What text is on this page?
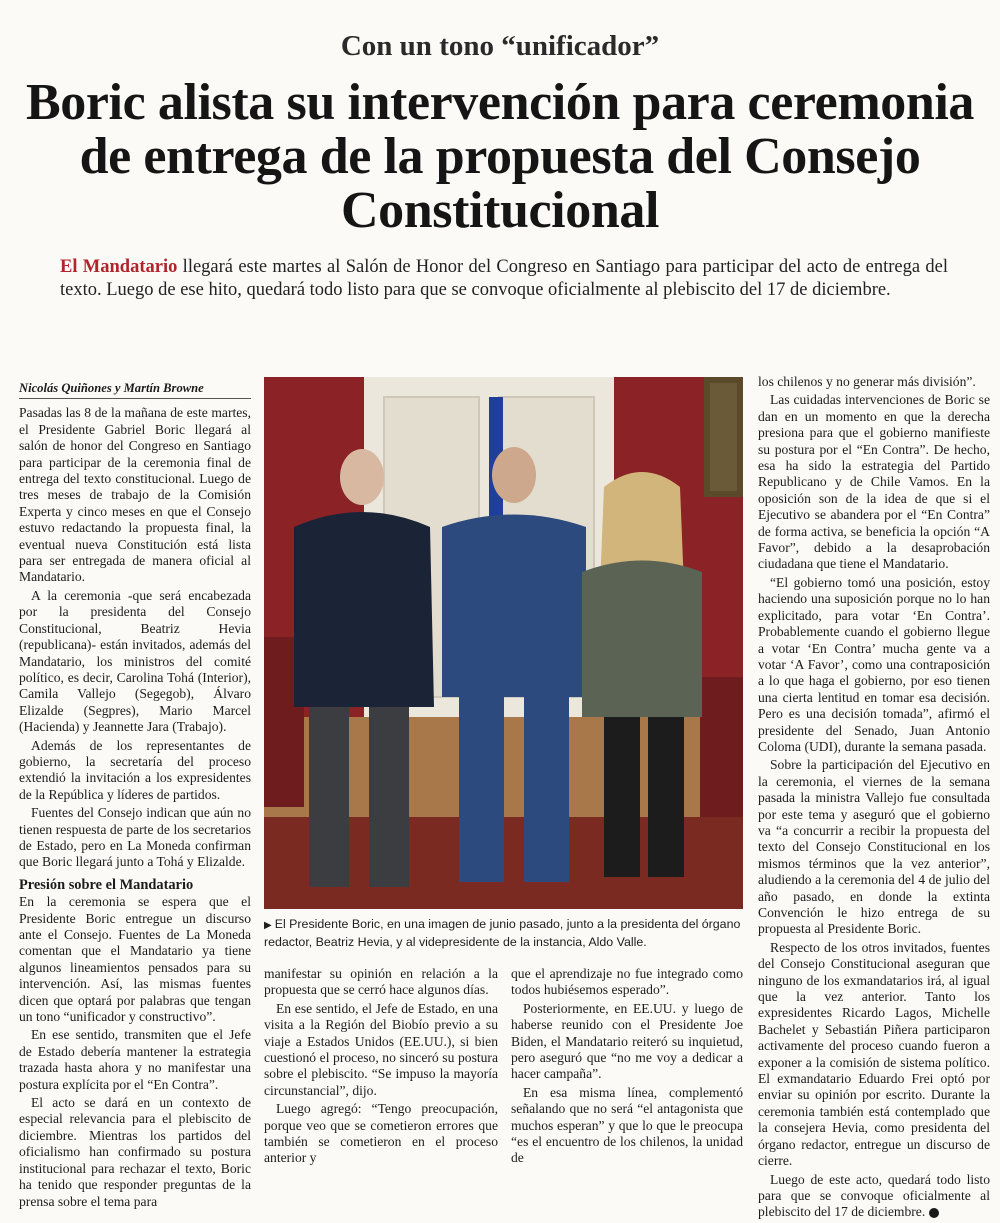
Con un tono “unificador”
Boric alista su intervención para ceremonia de entrega de la propuesta del Consejo Constitucional

El Mandatario llegará este martes al Salón de Honor del Congreso en Santiago para participar del acto de entrega del texto. Luego de ese hito, quedará todo listo para que se convoque oficialmente al plebiscito del 17 de diciembre.

Nicolás Quiñones y Martín Browne

Pasadas las 8 de la mañana de este martes, el Presidente Gabriel Boric llegará al salón de honor del Congreso en Santiago para participar de la ceremonia final de entrega del texto constitucional. Luego de tres meses de trabajo de la Comisión Experta y cinco meses en que el Consejo estuvo redactando la propuesta final, la eventual nueva Constitución está lista para ser entregada de manera oficial al Mandatario.

A la ceremonia -que será encabezada por la presidenta del Consejo Constitucional, Beatriz Hevia (republicana)- están invitados, además del Mandatario, los ministros del comité político, es decir, Carolina Tohá (Interior), Camila Vallejo (Segegob), Álvaro Elizalde (Segpres), Mario Marcel (Hacienda) y Jeannette Jara (Trabajo).

Además de los representantes de gobierno, la secretaría del proceso extendió la invitación a los expresidentes de la República y líderes de partidos.

Fuentes del Consejo indican que aún no tienen respuesta de parte de los secretarios de Estado, pero en La Moneda confirman que Boric llegará junto a Tohá y Elizalde.

Presión sobre el Mandatario

En la ceremonia se espera que el Presidente Boric entregue un discurso ante el Consejo. Fuentes de La Moneda comentan que el Mandatario ya tiene algunos lineamientos pensados para su intervención. Así, las mismas fuentes dicen que optará por palabras que tengan un tono “unificador y constructivo”.

En ese sentido, transmiten que el Jefe de Estado debería mantener la estrategia trazada hasta ahora y no manifestar una postura explícita por el “En Contra”.

El acto se dará en un contexto de especial relevancia para el plebiscito de diciembre. Mientras los partidos del oficialismo han confirmado su postura institucional para rechazar el texto, Boric ha tenido que responder preguntas de la prensa sobre el tema para

▶ El Presidente Boric, en una imagen de junio pasado, junto a la presidenta del órgano redactor, Beatriz Hevia, y al videpresidente de la instancia, Aldo Valle.

manifestar su opinión en relación a la propuesta que se cerró hace algunos días.

En ese sentido, el Jefe de Estado, en una visita a la Región del Biobío previo a su viaje a Estados Unidos (EE.UU.), si bien cuestionó el proceso, no sinceró su postura sobre el plebiscito. “Se impuso la mayoría circunstancial”, dijo.

Luego agregó: “Tengo preocupación, porque veo que se cometieron errores que también se cometieron en el proceso anterior y

que el aprendizaje no fue integrado como todos hubiésemos esperado”.

Posteriormente, en EE.UU. y luego de haberse reunido con el Presidente Joe Biden, el Mandatario reiteró su inquietud, pero aseguró que “no me voy a dedicar a hacer campaña”.

En esa misma línea, complementó señalando que no será “el antagonista que muchos esperan” y que lo que le preocupa “es el encuentro de los chilenos, la unidad de

los chilenos y no generar más división”.

Las cuidadas intervenciones de Boric se dan en un momento en que la derecha presiona para que el gobierno manifieste su postura por el “En Contra”. De hecho, esa ha sido la estrategia del Partido Republicano y de Chile Vamos. En la oposición son de la idea de que si el Ejecutivo se abandera por el “En Contra” de forma activa, se beneficia la opción “A Favor”, debido a la desaprobación ciudadana que tiene el Mandatario.

“El gobierno tomó una posición, estoy haciendo una suposición porque no lo han explicitado, para votar ‘En Contra’. Probablemente cuando el gobierno llegue a votar ‘En Contra’ mucha gente va a votar ‘A Favor’, como una contraposición a lo que haga el gobierno, por eso tienen una cierta lentitud en tomar esa decisión. Pero es una decisión tomada”, afirmó el presidente del Senado, Juan Antonio Coloma (UDI), durante la semana pasada.

Sobre la participación del Ejecutivo en la ceremonia, el viernes de la semana pasada la ministra Vallejo fue consultada por este tema y aseguró que el gobierno va “a concurrir a recibir la propuesta del texto del Consejo Constitucional en los mismos términos que la vez anterior”, aludiendo a la ceremonia del 4 de julio del año pasado, en donde la extinta Convención le hizo entrega de su propuesta al Presidente Boric.

Respecto de los otros invitados, fuentes del Consejo Constitucional aseguran que ninguno de los exmandatarios irá, al igual que la vez anterior. Tanto los expresidentes Ricardo Lagos, Michelle Bachelet y Sebastián Piñera participaron activamente del proceso cuando fueron a exponer a la comisión de sistema político. El exmandatario Eduardo Frei optó por enviar su opinión por escrito. Durante la ceremonia también está contemplado que la consejera Hevia, como presidenta del órgano redactor, entregue un discurso de cierre.

Luego de este acto, quedará todo listo para que se convoque oficialmente al plebiscito del 17 de diciembre.
